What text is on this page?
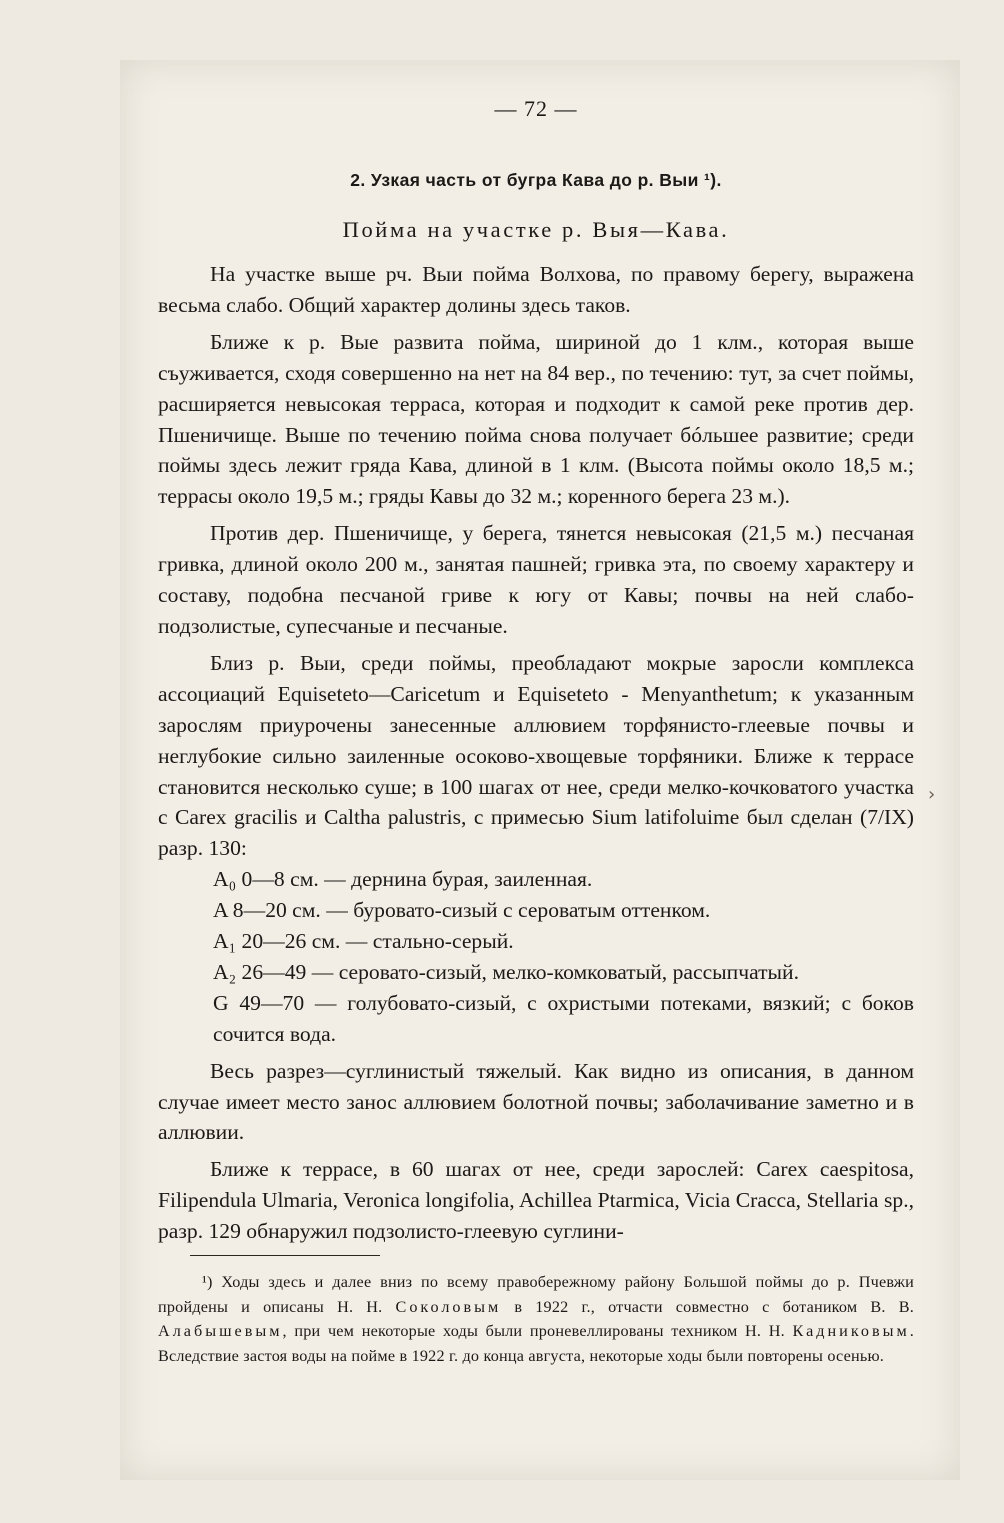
— 72 —
2. Узкая часть от бугра Кава до р. Выи ¹).
Пойма на участке р. Выя—Кава.

На участке выше рч. Выи пойма Волхова, по правому берегу, выражена весьма слабо. Общий характер долины здесь таков.

Ближе к р. Вые развита пойма, шириной до 1 клм., которая выше съуживается, сходя совершенно на нет на 84 вер., по течению: тут, за счет поймы, расширяется невысокая терраса, которая и подходит к самой реке против дер. Пшеничище. Выше по течению пойма снова получает бóльшее развитие; среди поймы здесь лежит гряда Кава, длиной в 1 клм. (Высота поймы около 18,5 м.; террасы около 19,5 м.; гряды Кавы до 32 м.; коренного берега 23 м.).

Против дер. Пшеничище, у берега, тянется невысокая (21,5 м.) песчаная гривка, длиной около 200 м., занятая пашней; гривка эта, по своему характеру и составу, подобна песчаной гриве к югу от Кавы; почвы на ней слабо-подзолистые, супесчаные и песчаные.

Близ р. Выи, среди поймы, преобладают мокрые заросли комплекса ассоциаций Equiseteto—Caricetum и Equiseteto - Menyanthetum; к указанным зарослям приурочены занесенные аллювием торфянисто-глеевые почвы и неглубокие сильно заиленные осоково-хвощевые торфяники. Ближе к террасе становится несколько суше; в 100 шагах от нее, среди мелко-кочковатого участка с Carex gracilis и Caltha palustris, с примесью Sium latifoluime был сделан (7/IX) разр. 130:

A₀ 0—8 см. — дернина бурая, заиленная.
A 8—20 см. — буровато-сизый с сероватым оттенком.
A₁ 20—26 см. — стально-серый.
A₂ 26—49 — серовато-сизый, мелко-комковатый, рассыпчатый.
G 49—70 — голубовато-сизый, с охристыми потеками, вязкий; с боков сочится вода.

Весь разрез—суглинистый тяжелый. Как видно из описания, в данном случае имеет место занос аллювием болотной почвы; заболачивание заметно и в аллювии.

Ближе к террасе, в 60 шагах от нее, среди зарослей: Carex caespitosa, Filipendula Ulmaria, Veronica longifolia, Achillea Ptarmica, Vicia Cracca, Stellaria sp., разр. 129 обнаружил подзолисто-глеевую суглини-

¹) Ходы здесь и далее вниз по всему правобережному району Большой поймы до р. Пчевжи пройдены и описаны Н. Н. Соколовым в 1922 г., отчасти совместно с ботаником В. В. Алабышевым, при чем некоторые ходы были проневеллированы техником Н. Н. Кадниковым. Вследствие застоя воды на пойме в 1922 г. до конца августа, некоторые ходы были повторены осенью.

›
